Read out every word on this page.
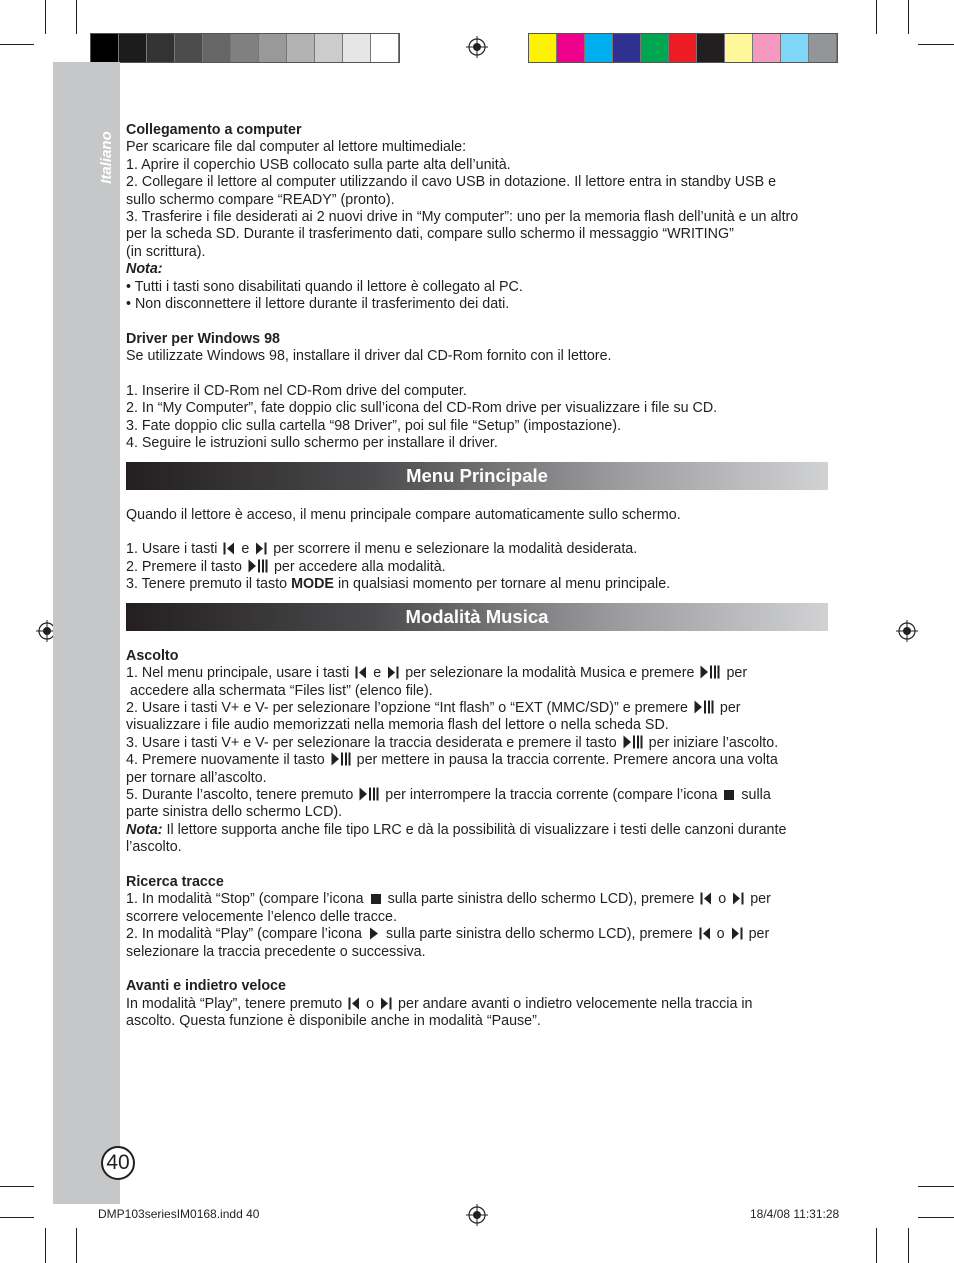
Italiano
40

Collegamento a computer

Per scaricare file dal computer al lettore multimediale:

1. Aprire il coperchio USB collocato sulla parte alta dell’unità.

2. Collegare il lettore al computer utilizzando il cavo USB in dotazione. Il lettore entra in standby USB e

sullo schermo compare “READY” (pronto).

3. Trasferire i file desiderati ai 2 nuovi drive in “My computer”: uno per la memoria flash dell’unità e un altro

per la scheda SD. Durante il trasferimento dati, compare sullo schermo il messaggio “WRITING”

(in scrittura).

Nota:

• Tutti i tasti sono disabilitati quando il lettore è collegato al PC.

• Non disconnettere il lettore durante il trasferimento dei dati.

Driver per Windows 98

Se utilizzate Windows 98, installare il driver dal CD-Rom fornito con il lettore.

1. Inserire il CD-Rom nel CD-Rom drive del computer.

2. In “My Computer”, fate doppio clic sull’icona del CD-Rom drive per visualizzare i file su CD.

3. Fate doppio clic sulla cartella “98 Driver”, poi sul file “Setup” (impostazione).

4. Seguire le istruzioni sullo schermo per installare il driver.

Menu Principale

Quando il lettore è acceso, il menu principale compare automaticamente sullo schermo.

1. Usare i tasti e per scorrere il menu e selezionare la modalità desiderata.

2. Premere il tasto per accedere alla modalità.

3. Tenere premuto il tasto MODE in qualsiasi momento per tornare al menu principale.

Modalità Musica

Ascolto

1. Nel menu principale, usare i tasti e per selezionare la modalità Musica e premere per

accedere alla schermata “Files list” (elenco file).

2. Usare i tasti V+ e V- per selezionare l’opzione “Int flash” o “EXT (MMC/SD)” e premere per

visualizzare i file audio memorizzati nella memoria flash del lettore o nella scheda SD.

3. Usare i tasti V+ e V- per selezionare la traccia desiderata e premere il tasto per iniziare l’ascolto.

4. Premere nuovamente il tasto per mettere in pausa la traccia corrente. Premere ancora una volta

per tornare all’ascolto.

5. Durante l’ascolto, tenere premuto per interrompere la traccia corrente (compare l’icona sulla

parte sinistra dello schermo LCD).

Nota: Il lettore supporta anche file tipo LRC e dà la possibilità di visualizzare i testi delle canzoni durante

l’ascolto.

Ricerca tracce

1. In modalità “Stop” (compare l’icona sulla parte sinistra dello schermo LCD), premere o per

scorrere velocemente l’elenco delle tracce.

2. In modalità “Play” (compare l’icona sulla parte sinistra dello schermo LCD), premere o per

selezionare la traccia precedente o successiva.

Avanti e indietro veloce

In modalità “Play”, tenere premuto o per andare avanti o indietro velocemente nella traccia in

ascolto. Questa funzione è disponibile anche in modalità “Pause”.

DMP103seriesIM0168.indd 40	18/4/08 11:31:28
